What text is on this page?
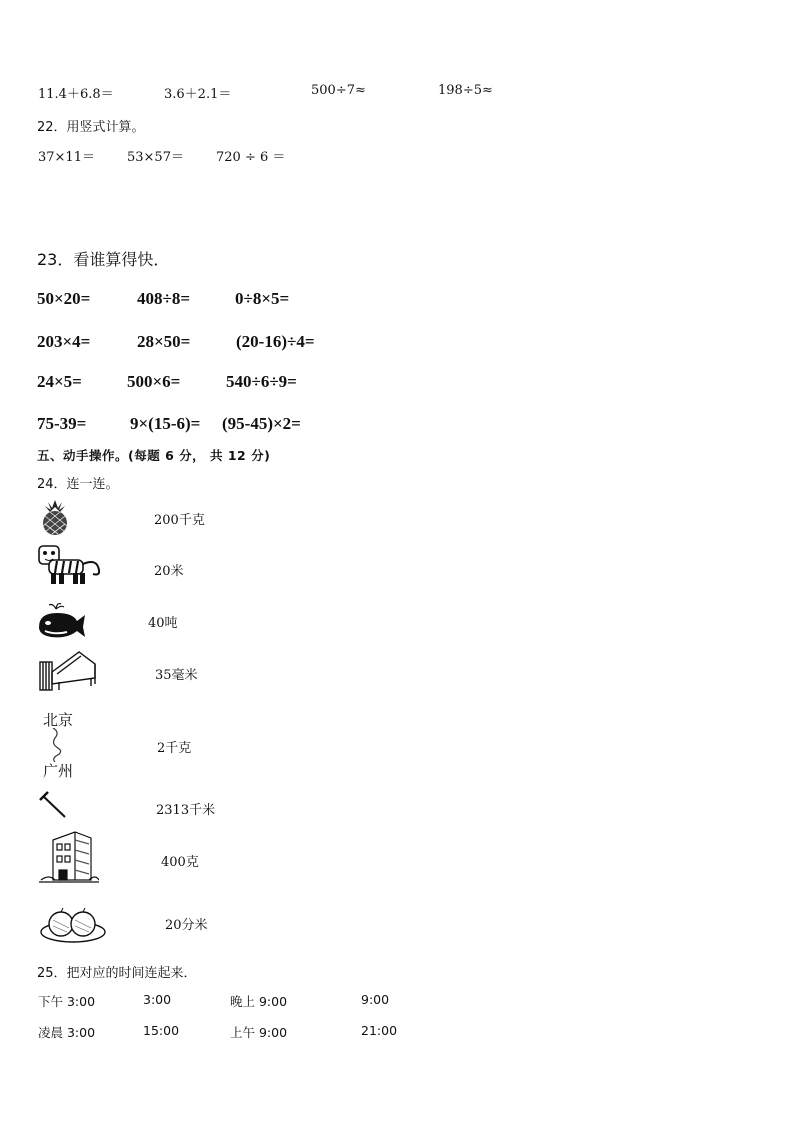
11.4＋6.8＝	3.6＋2.1＝	500÷7≈	198÷5≈
22．用竖式计算。
37×11＝ 53×57＝ 720 ÷ 6 ＝
23．看谁算得快．
50×20=	408÷8=	0÷8×5=
203×4=	28×50=	(20-16)÷4=
24×5=	500×6=	540÷6÷9=
75-39=	9×(15-6)= (95-45)×2=
五、动手操作。(每题 6 分， 共 12 分)
24．连一连。
200千克
20米
40吨
35毫米
北京
广州
2千克
2313千米
400克
20分米
25．把对应的时间连起来．
下午 3:00	3:00	晚上 9:00	9:00
凌晨 3:00	15:00	上午 9:00	21:00
